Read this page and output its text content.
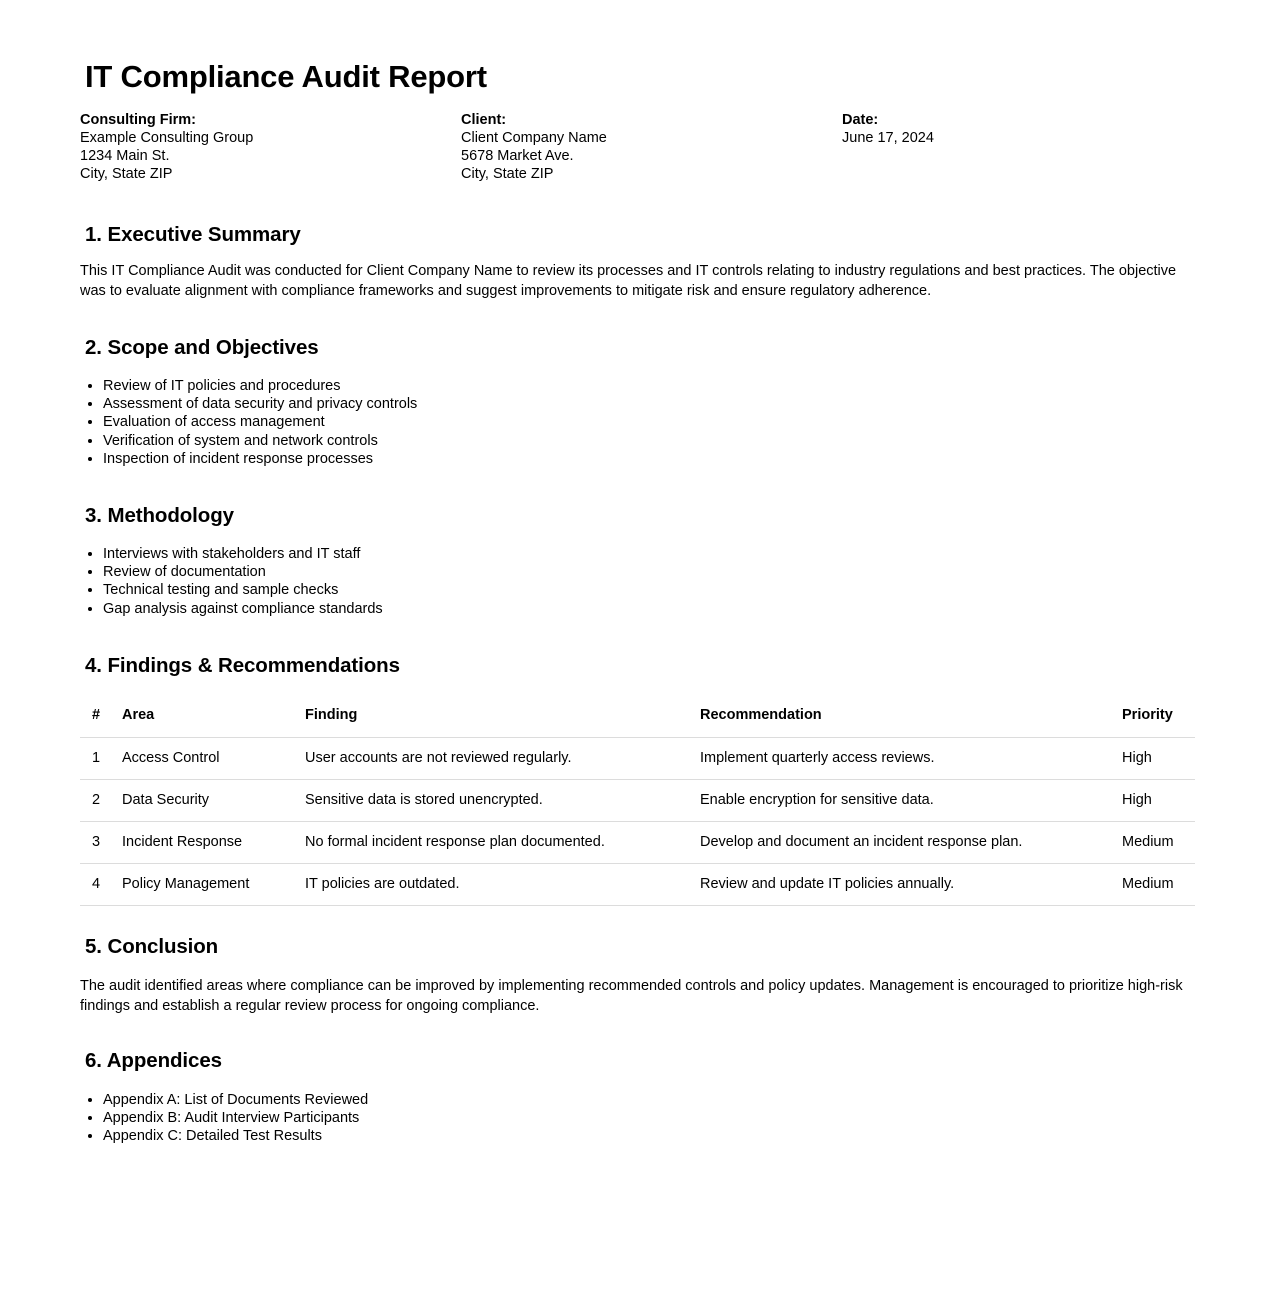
IT Compliance Audit Report
Consulting Firm:
Example Consulting Group
1234 Main St.
City, State ZIP
Client:
Client Company Name
5678 Market Ave.
City, State ZIP
Date:
June 17, 2024
1. Executive Summary

This IT Compliance Audit was conducted for Client Company Name to review its processes and IT controls relating to industry regulations and best practices. The objective was to evaluate alignment with compliance frameworks and suggest improvements to mitigate risk and ensure regulatory adherence.

2. Scope and Objectives
• Review of IT policies and procedures
• Assessment of data security and privacy controls
• Evaluation of access management
• Verification of system and network controls
• Inspection of incident response processes
3. Methodology
• Interviews with stakeholders and IT staff
• Review of documentation
• Technical testing and sample checks
• Gap analysis against compliance standards
4. Findings & Recommendations
#	Area	Finding	Recommendation	Priority
1	Access Control	User accounts are not reviewed regularly.	Implement quarterly access reviews.	High
2	Data Security	Sensitive data is stored unencrypted.	Enable encryption for sensitive data.	High
3	Incident Response	No formal incident response plan documented.	Develop and document an incident response plan.	Medium
4	Policy Management	IT policies are outdated.	Review and update IT policies annually.	Medium
5. Conclusion

The audit identified areas where compliance can be improved by implementing recommended controls and policy updates. Management is encouraged to prioritize high-risk findings and establish a regular review process for ongoing compliance.

6. Appendices
• Appendix A: List of Documents Reviewed
• Appendix B: Audit Interview Participants
• Appendix C: Detailed Test Results
